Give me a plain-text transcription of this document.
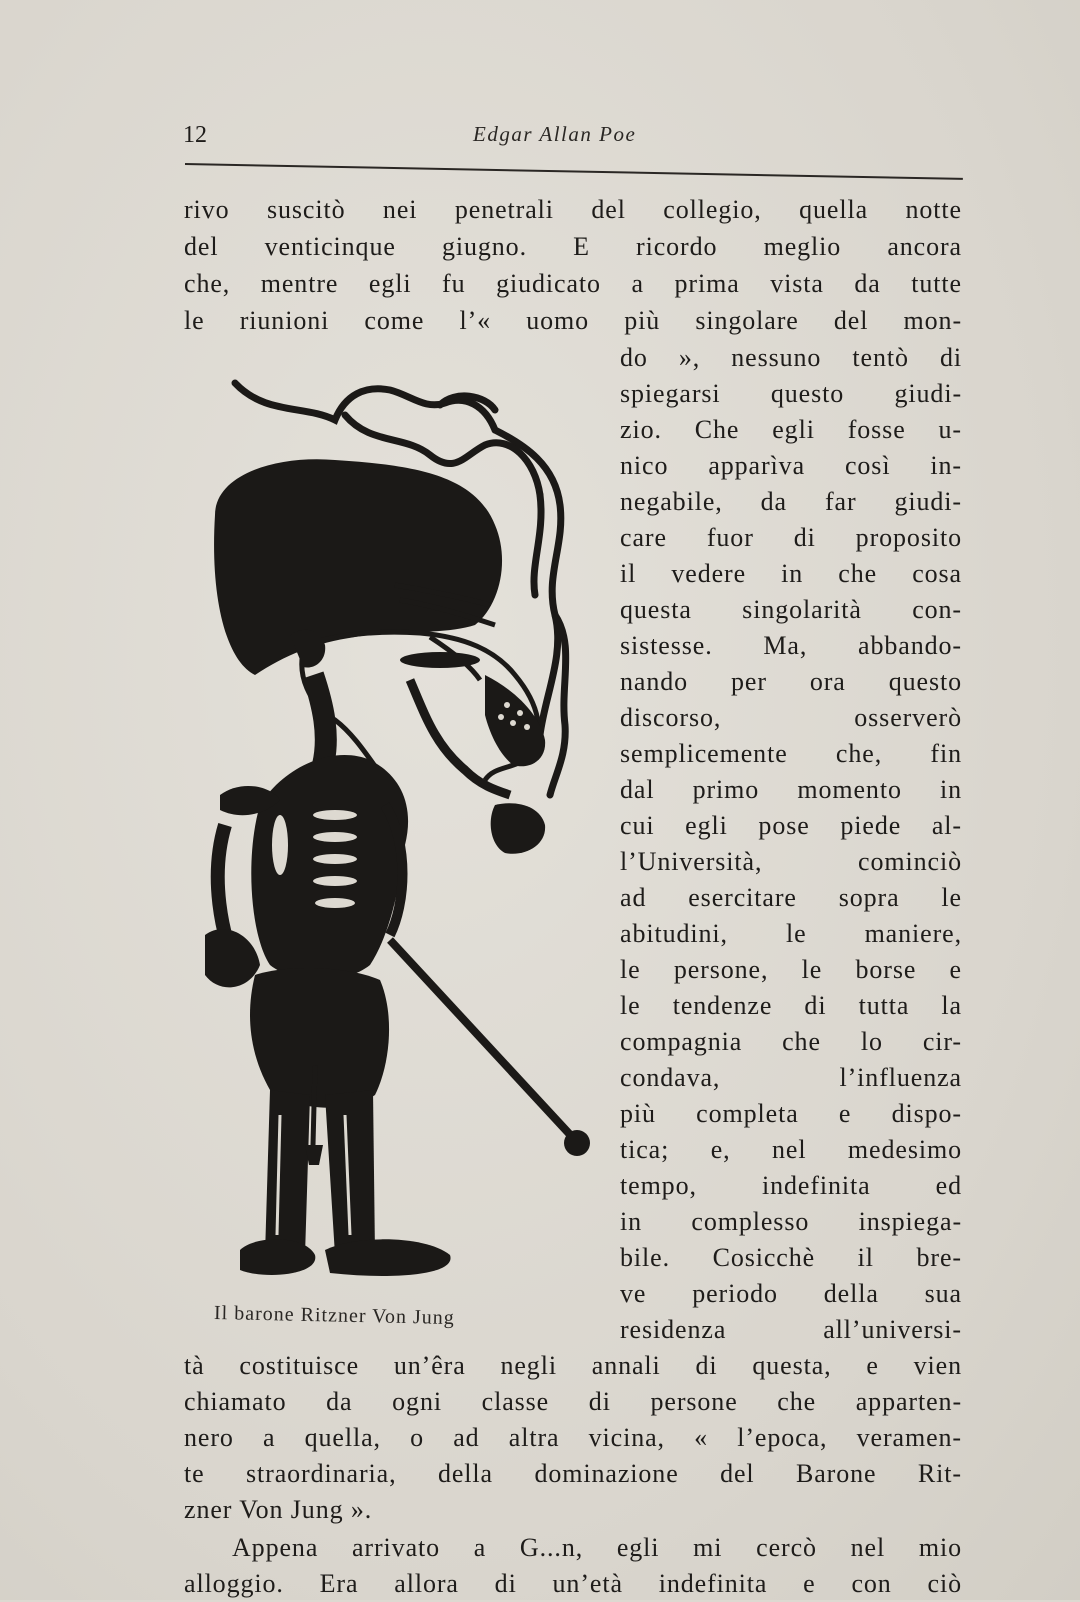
12	Edgar Allan Poe
rivo suscitò nei penetrali del collegio, quella notte
del venticinque giugno. E ricordo meglio ancora
che, mentre egli fu giudicato a prima vista da tutte
le riunioni come l’« uomo più singolare del mon-
do », nessuno tentò di
spiegarsi questo giudi-
zio. Che egli fosse u-
nico apparìva così in-
negabile, da far giudi-
care fuor di proposito
il vedere in che cosa
questa singolarità con-
sistesse. Ma, abbando-
nando per ora questo
discorso, osserverò
semplicemente che, fin
dal primo momento in
cui egli pose piede al-
l’Università, cominciò
ad esercitare sopra le
abitudini, le maniere,
le persone, le borse e
le tendenze di tutta la
compagnia che lo cir-
condava, l’influenza
più completa e dispo-
tica; e, nel medesimo
tempo, indefinita ed
in complesso inspiega-
bile. Cosicchè il bre-
ve periodo della sua
residenza all’universi-
tà costituisce un’êra negli annali di questa, e vien
chiamato da ogni classe di persone che apparten-
nero a quella, o ad altra vicina, « l’epoca, veramen-
te straordinaria, della dominazione del Barone Rit-
zner Von Jung ».
Appena arrivato a G...n, egli mi cercò nel mio
alloggio. Era allora di un’età indefinita e con ciò
Il barone Ritzner Von Jung
